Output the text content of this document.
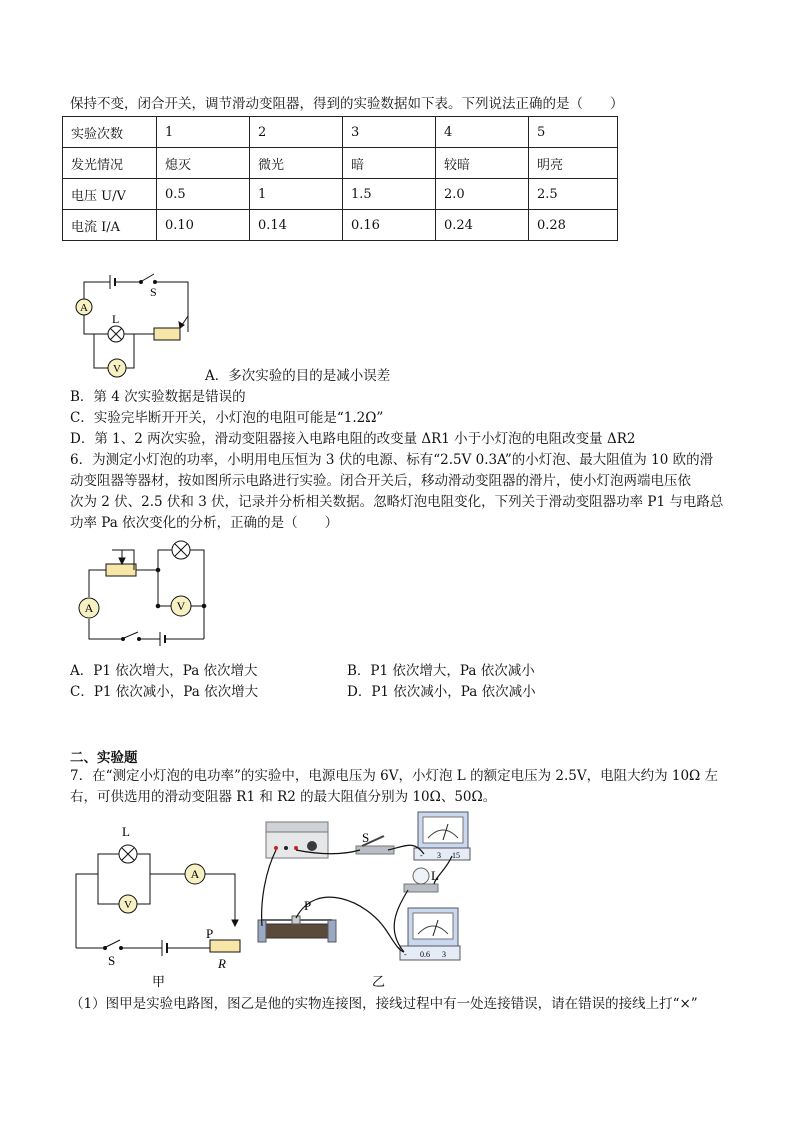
保持不变，闭合开关，调节滑动变阻器，得到的实验数据如下表。下列说法正确的是（　　）
实验次数	1	2	3	4	5
发光情况	熄灭	微光	暗	较暗	明亮
电压 U/V	0.5	1	1.5	2.0	2.5
电流 I/A	0.10	0.14	0.16	0.24	0.28
A
V
S
L
A．多次实验的目的是减小误差
B．第 4 次实验数据是错误的
C．实验完毕断开开关，小灯泡的电阻可能是“1.2Ω”
D．第 1、2 两次实验，滑动变阻器接入电路电阻的改变量 ΔR1 小于小灯泡的电阻改变量 ΔR2
6．为测定小灯泡的功率，小明用电压恒为 3 伏的电源、标有“2.5V 0.3A”的小灯泡、最大阻值为 10 欧的滑
动变阻器等器材，按如图所示电路进行实验。闭合开关后，移动滑动变阻器的滑片，使小灯泡两端电压依
次为 2 伏、2.5 伏和 3 伏，记录并分析相关数据。忽略灯泡电阻变化，下列关于滑动变阻器功率 P1 与电路总
功率 Pa 依次变化的分析，正确的是（　　）
A	V
A．P1 依次增大，Pa 依次增大	B．P1 依次增大，Pa 依次减小
C．P1 依次减小，Pa 依次增大	D．P1 依次减小，Pa 依次减小
二、实验题
7．在“测定小灯泡的电功率”的实验中，电源电压为 6V，小灯泡 L 的额定电压为 2.5V，电阻大约为 10Ω 左
右，可供选用的滑动变阻器 R1 和 R2 的最大阻值分别为 10Ω、50Ω。
L
A
V
S
P
R
甲
- 3 15
- 0.6 3
S
L
P
乙
（1）图甲是实验电路图，图乙是他的实物连接图，接线过程中有一处连接错误，请在错误的接线上打“×”
